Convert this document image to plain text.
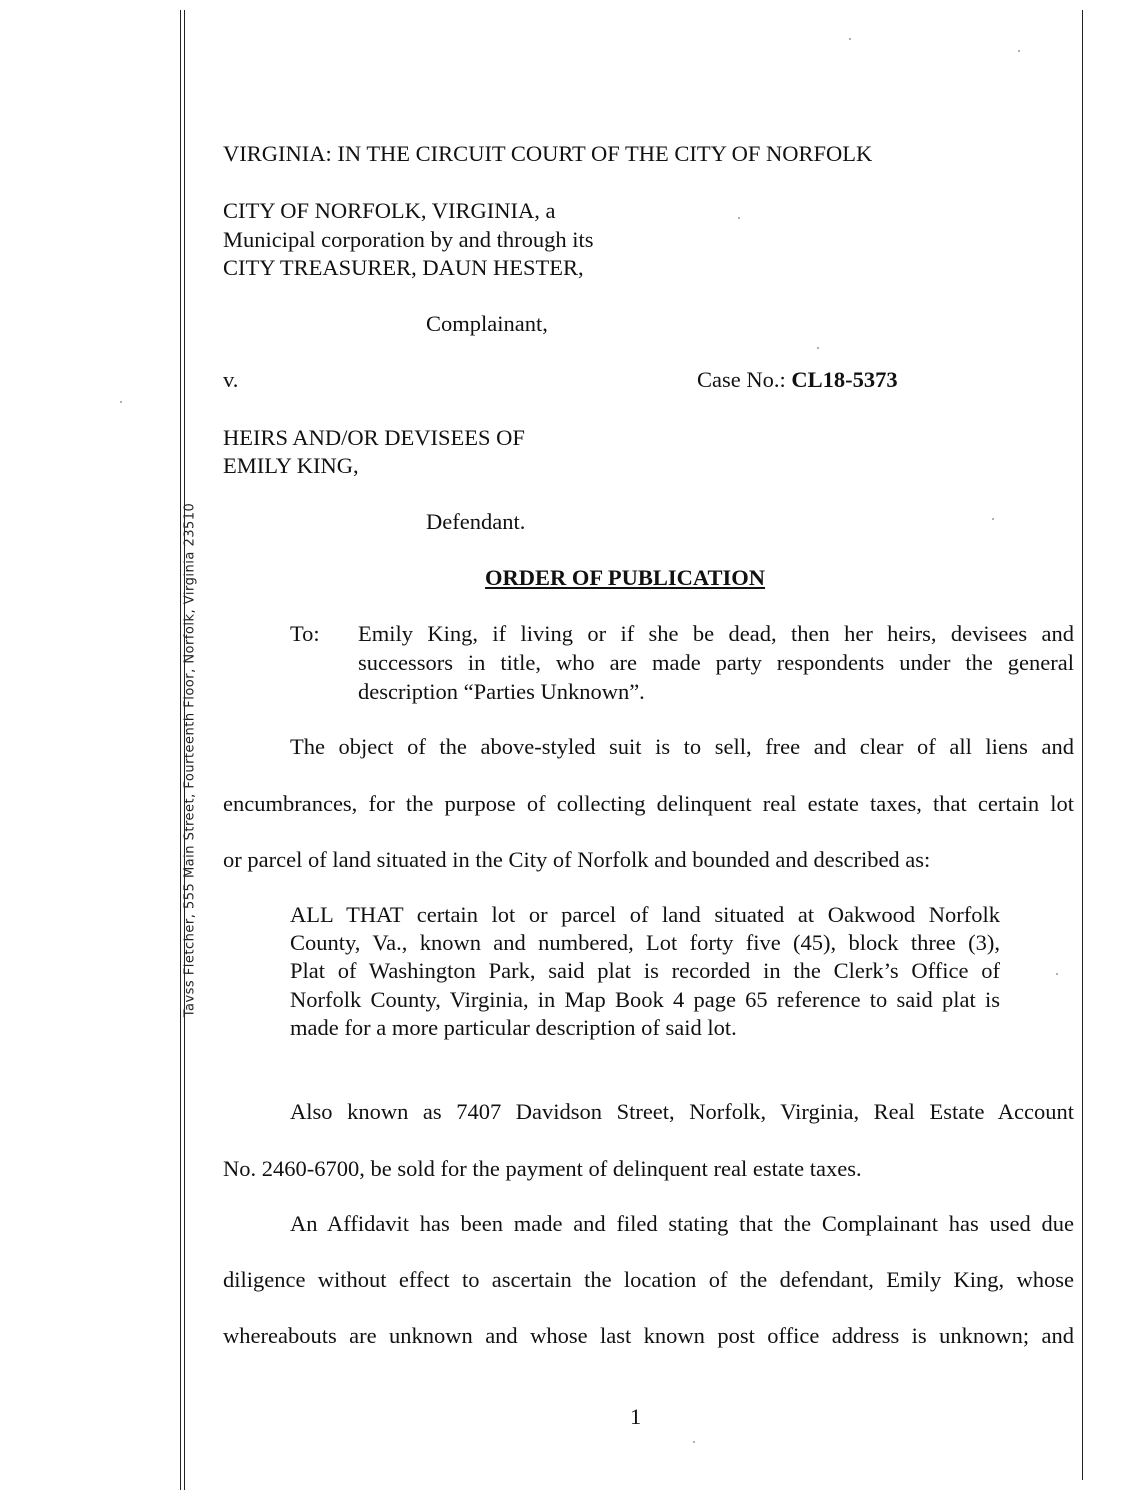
Tavss Fletcher, 555 Main Street, Fourteenth Floor, Norfolk, Virginia 23510

VIRGINIA: IN THE CIRCUIT COURT OF THE CITY OF NORFOLK

CITY OF NORFOLK, VIRGINIA, a

Municipal corporation by and through its

CITY TREASURER, DAUN HESTER,

Complainant,

v.	Case No.: CL18-5373

HEIRS AND/OR DEVISEES OF

EMILY KING,

Defendant.

ORDER OF PUBLICATION

To: Emily King, if living or if she be dead, then her heirs, devisees and

successors in title, who are made party respondents under the general

description “Parties Unknown”.

The object of the above-styled suit is to sell, free and clear of all liens and

encumbrances, for the purpose of collecting delinquent real estate taxes, that certain lot

or parcel of land situated in the City of Norfolk and bounded and described as:

ALL THAT certain lot or parcel of land situated at Oakwood Norfolk

County, Va., known and numbered, Lot forty five (45), block three (3),

Plat of Washington Park, said plat is recorded in the Clerk’s Office of

Norfolk County, Virginia, in Map Book 4 page 65 reference to said plat is

made for a more particular description of said lot.

Also known as 7407 Davidson Street, Norfolk, Virginia, Real Estate Account

No. 2460-6700, be sold for the payment of delinquent real estate taxes.

An Affidavit has been made and filed stating that the Complainant has used due

diligence without effect to ascertain the location of the defendant, Emily King, whose

whereabouts are unknown and whose last known post office address is unknown; and

1
